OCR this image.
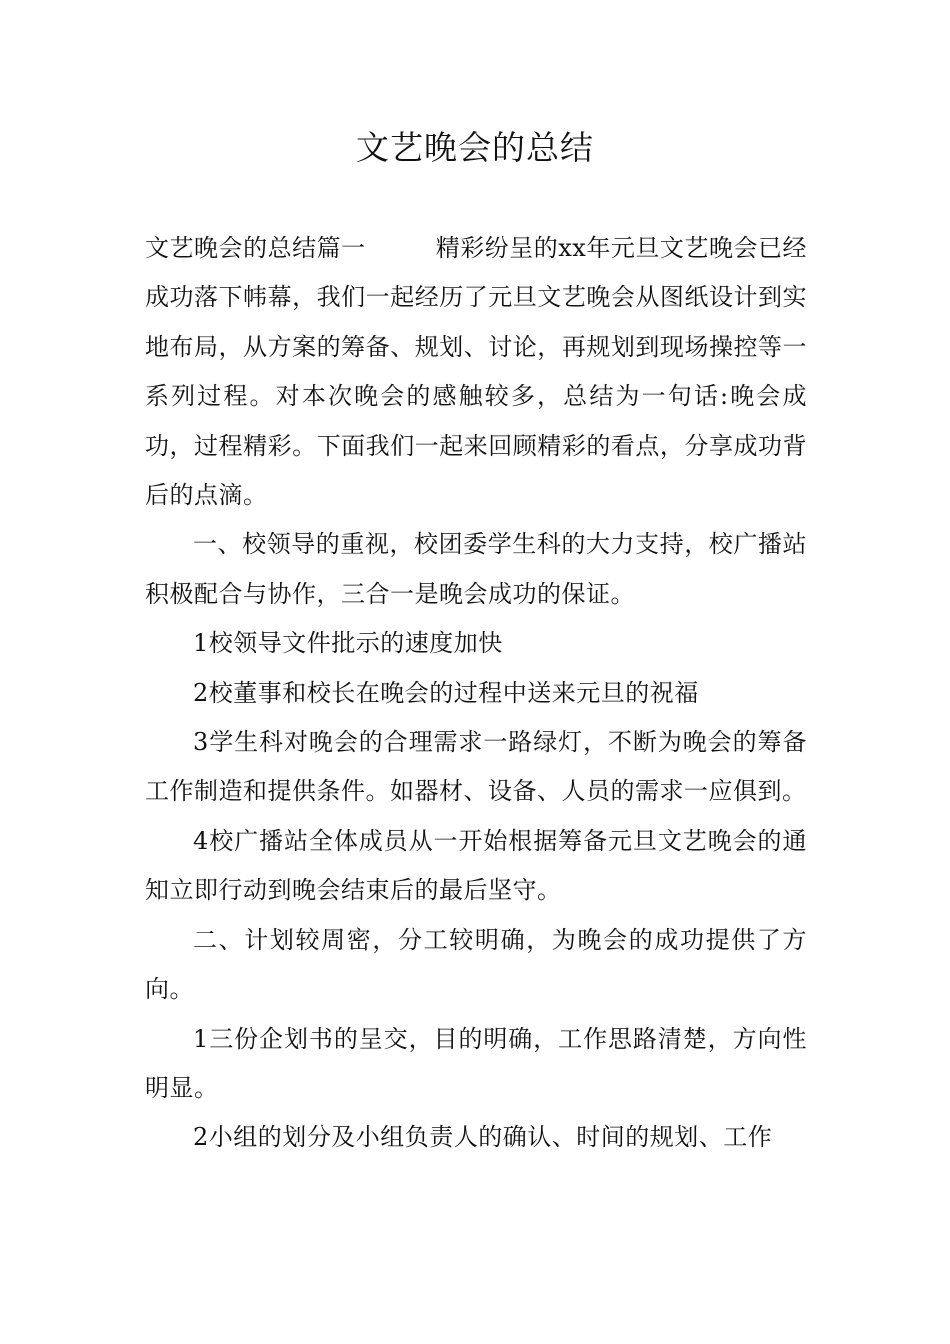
文艺晚会的总结

文艺晚会的总结篇一	精彩纷呈的xx年元旦文艺晚会已经成功落下帏幕，我们一起经历了元旦文艺晚会从图纸设计到实地布局，从方案的筹备、规划、讨论，再规划到现场操控等一系列过程。对本次晚会的感触较多，总结为一句话:晚会成功，过程精彩。下面我们一起来回顾精彩的看点，分享成功背后的点滴。

一、校领导的重视，校团委学生科的大力支持，校广播站积极配合与协作，三合一是晚会成功的保证。

1校领导文件批示的速度加快

2校董事和校长在晚会的过程中送来元旦的祝福

3学生科对晚会的合理需求一路绿灯，不断为晚会的筹备工作制造和提供条件。如器材、设备、人员的需求一应俱到。

4校广播站全体成员从一开始根据筹备元旦文艺晚会的通知立即行动到晚会结束后的最后坚守。

二、计划较周密，分工较明确，为晚会的成功提供了方向。

1三份企划书的呈交，目的明确，工作思路清楚，方向性明显。

2小组的划分及小组负责人的确认、时间的规划、工作
